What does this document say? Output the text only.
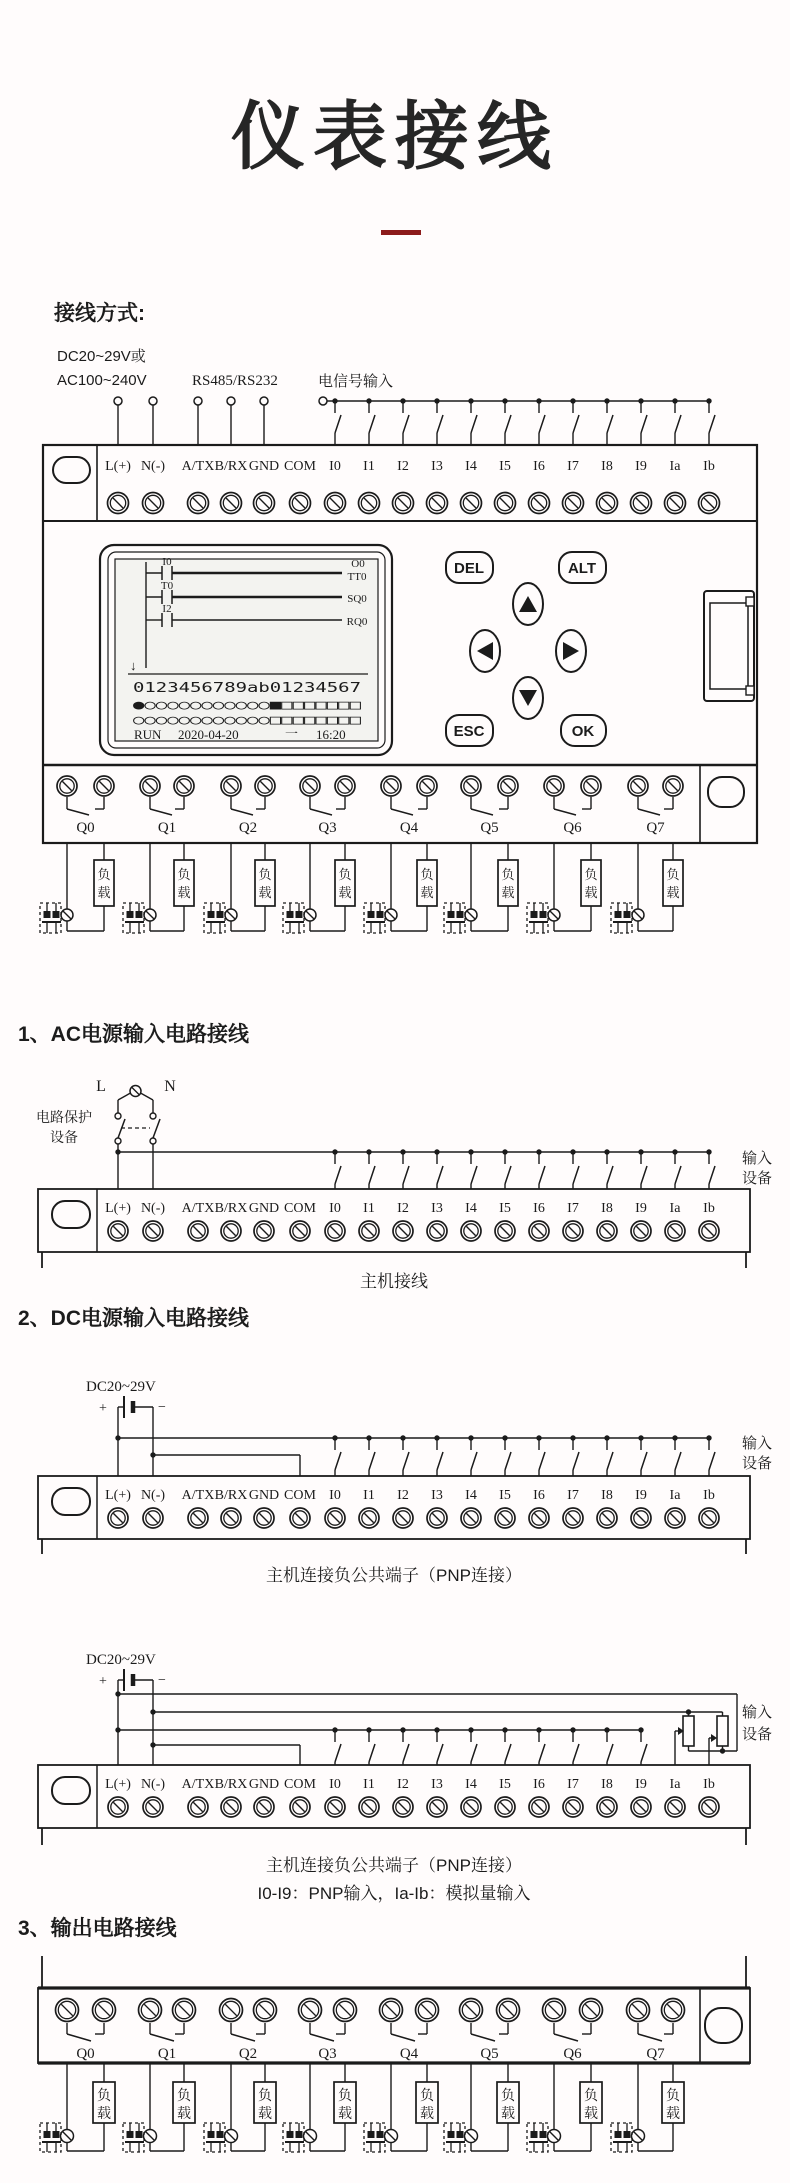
仪表接线
接线方式:
1、AC电源输入电路接线
2、DC电源输入电路接线
3、输出电路接线
DC20~29V或
AC100~240V	RS485/RS232	电信号输入
I0	O0
TT0
T0
SQ0
I2
RQ0
↓
0123456789ab01234567
●○○○○○○○○○○○■□□□□□□□
○○○○○○○○○○○○□□□□□□□□
RUN 2020-04-20	一 16:20
DEL	ALT
ESC	OK
L	N
电路保护
设备
输入
设备
主机接线
DC20~29V
+	−
输入
设备
主机连接负公共端子（PNP连接）
DC20~29V
+	−
输入
设备
主机连接负公共端子（PNP连接）
I0-I9：PNP输入，Ia-Ib：模拟量输入
L(+) N(-) A/TX B/RX GND COM I0 I1 I2 I3 I4 I5 I6 I7 I8 I9 Ia Ib
Q0	Q1	Q2	Q3	Q4	Q5	Q6	Q7
负
载
负
载
负
载
负
载
负
载
负
载
负
载
负
载
L(+) N(-) A/TX B/RX GND COM I0 I1 I2 I3 I4 I5 I6 I7 I8 I9 Ia Ib
L(+) N(-) A/TX B/RX GND COM I0 I1 I2 I3 I4 I5 I6 I7 I8 I9 Ia Ib
L(+) N(-) A/TX B/RX GND COM I0 I1 I2 I3 I4 I5 I6 I7 I8 I9 Ia Ib
Q0	Q1	Q2	Q3	Q4	Q5	Q6	Q7
负
载
负
载
负
载
负
载
负
载
负
载
负
载
负
载
